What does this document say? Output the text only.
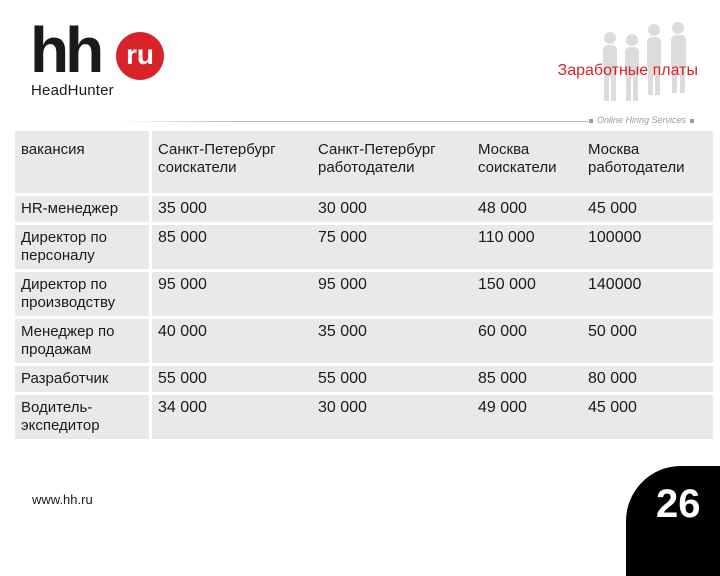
hh ru
HeadHunter
Заработные платы
Online Hiring Services
вакансия	Санкт-Петербург соискатели	Санкт-Петербург работодатели	Москва соискатели	Москва работодатели
HR-менеджер	35 000	30 000	48 000	45 000
Директор по персоналу	85 000	75 000	110 000	100000
Директор по производству	95 000	95 000	150 000	140000
Менеджер по продажам	40 000	35 000	60 000	50 000
Разработчик	55 000	55 000	85 000	80 000
Водитель-экспедитор	34 000	30 000	49 000	45 000
www.hh.ru	26
